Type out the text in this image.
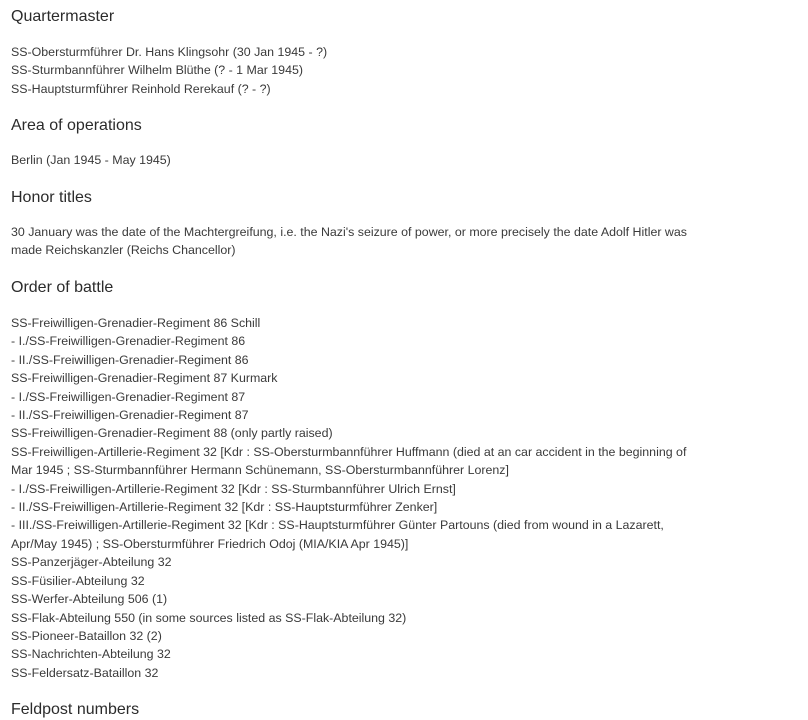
Quartermaster
SS-Obersturmführer Dr. Hans Klingsohr (30 Jan 1945 - ?)
SS-Sturmbannführer Wilhelm Blüthe (? - 1 Mar 1945)
SS-Hauptsturmführer Reinhold Rerekauf (? - ?)
Area of operations

Berlin (Jan 1945 - May 1945)

Honor titles
30 January was the date of the Machtergreifung, i.e. the Nazi's seizure of power, or more precisely the date Adolf Hitler was
made Reichskanzler (Reichs Chancellor)
Order of battle
SS-Freiwilligen-Grenadier-Regiment 86 Schill
- I./SS-Freiwilligen-Grenadier-Regiment 86
- II./SS-Freiwilligen-Grenadier-Regiment 86
SS-Freiwilligen-Grenadier-Regiment 87 Kurmark
- I./SS-Freiwilligen-Grenadier-Regiment 87
- II./SS-Freiwilligen-Grenadier-Regiment 87
SS-Freiwilligen-Grenadier-Regiment 88 (only partly raised)
SS-Freiwilligen-Artillerie-Regiment 32 [Kdr : SS-Obersturmbannführer Huffmann (died at an car accident in the beginning of
Mar 1945 ; SS-Sturmbannführer Hermann Schünemann, SS-Obersturmbannführer Lorenz]
- I./SS-Freiwilligen-Artillerie-Regiment 32 [Kdr : SS-Sturmbannführer Ulrich Ernst]
- II./SS-Freiwilligen-Artillerie-Regiment 32 [Kdr : SS-Hauptsturmführer Zenker]
- III./SS-Freiwilligen-Artillerie-Regiment 32 [Kdr : SS-Hauptsturmführer Günter Partouns (died from wound in a Lazarett,
Apr/May 1945) ; SS-Obersturmführer Friedrich Odoj (MIA/KIA Apr 1945)]
SS-Panzerjäger-Abteilung 32
SS-Füsilier-Abteilung 32
SS-Werfer-Abteilung 506 (1)
SS-Flak-Abteilung 550 (in some sources listed as SS-Flak-Abteilung 32)
SS-Pioneer-Bataillon 32 (2)
SS-Nachrichten-Abteilung 32
SS-Feldersatz-Bataillon 32
Feldpost numbers
